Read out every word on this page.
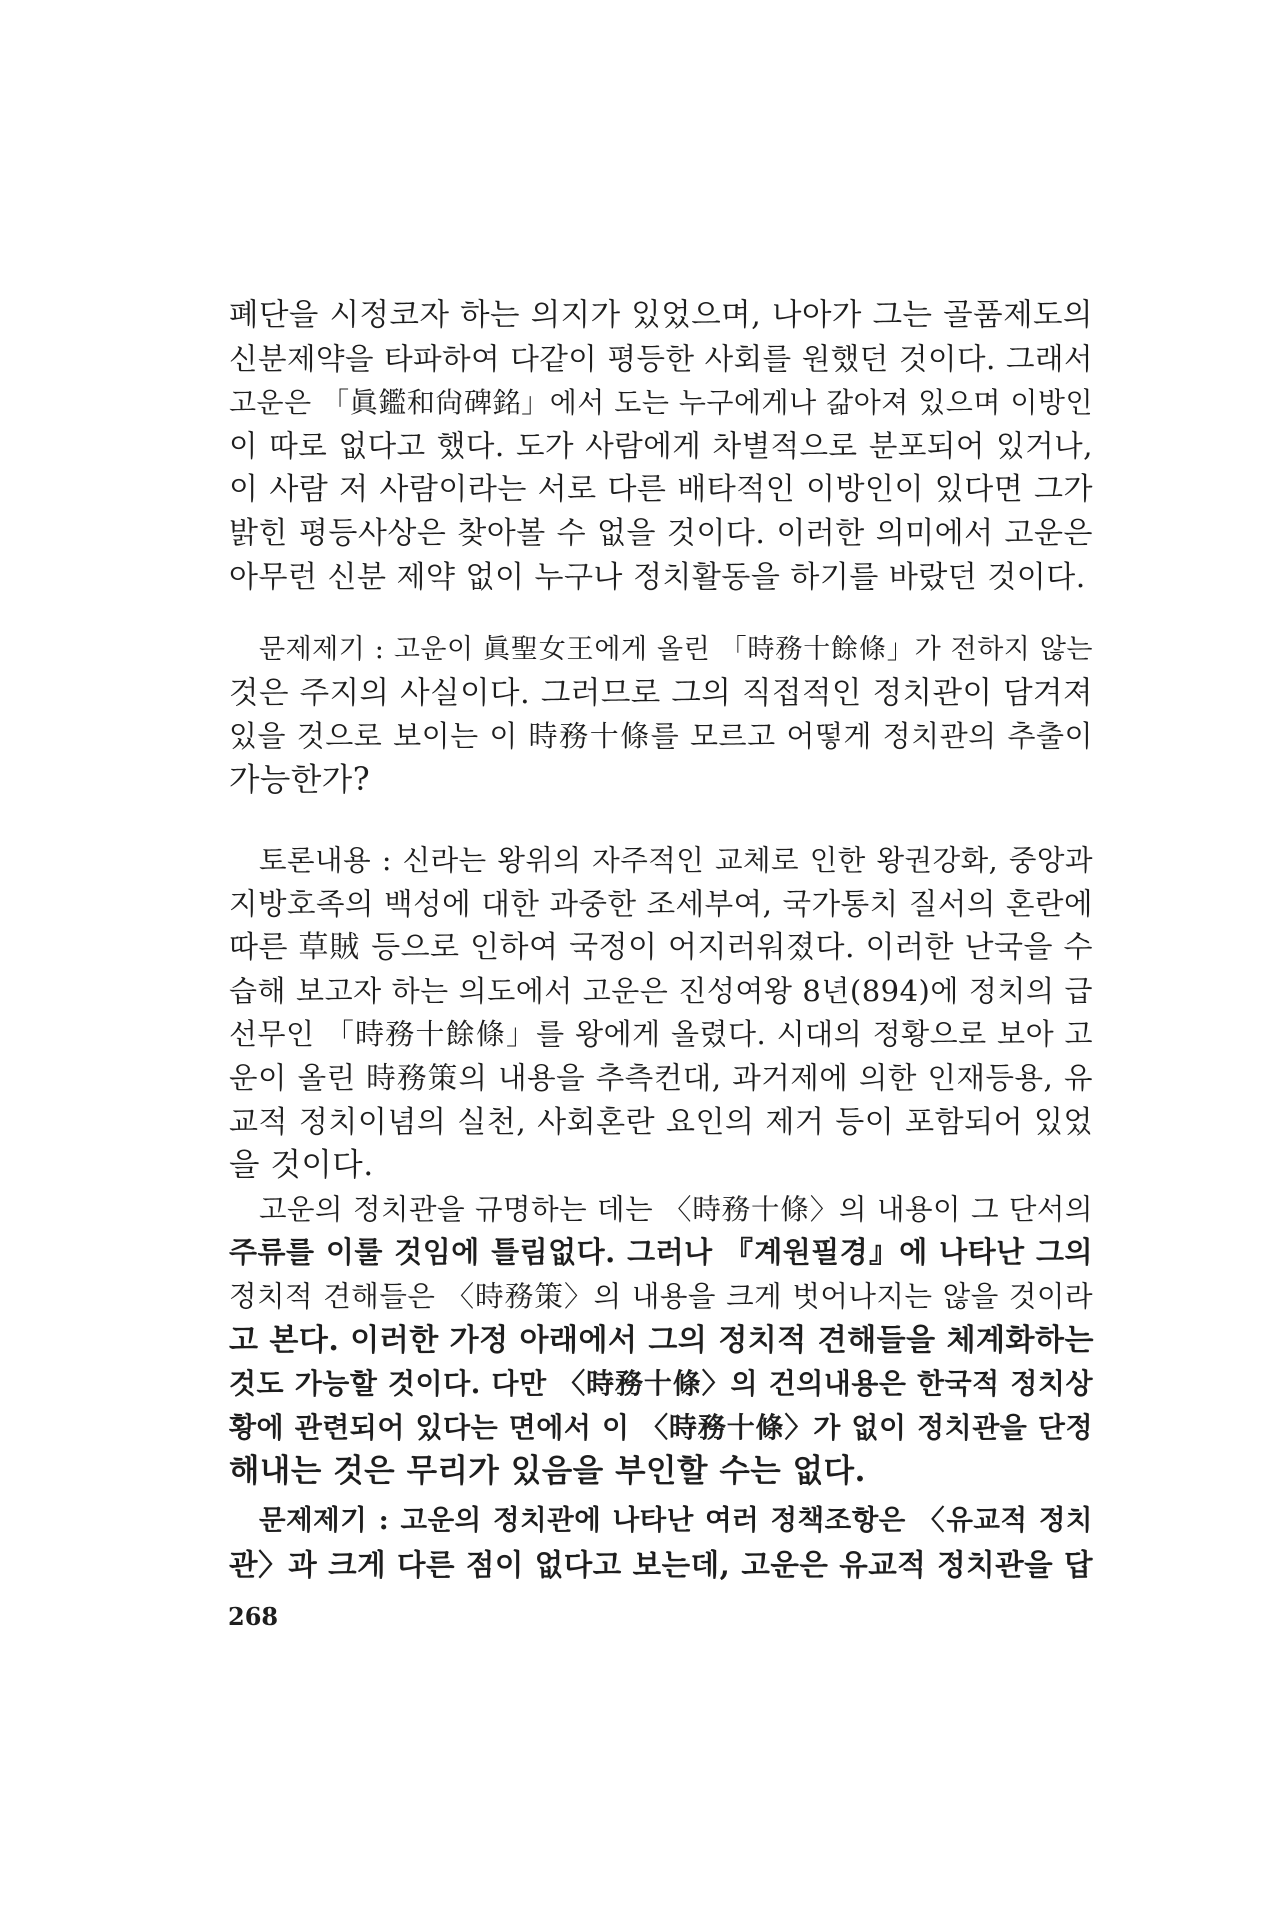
폐단을 시정코자 하는 의지가 있었으며, 나아가 그는 골품제도의
신분제약을 타파하여 다같이 평등한 사회를 원했던 것이다. 그래서
고운은 「眞鑑和尙碑銘」에서 도는 누구에게나 갊아져 있으며 이방인
이 따로 없다고 했다. 도가 사람에게 차별적으로 분포되어 있거나,
이 사람 저 사람이라는 서로 다른 배타적인 이방인이 있다면 그가
밝힌 평등사상은 찾아볼 수 없을 것이다. 이러한 의미에서 고운은
아무런 신분 제약 없이 누구나 정치활동을 하기를 바랐던 것이다.
문제제기 : 고운이 眞聖女王에게 올린 「時務十餘條」가 전하지 않는
것은 주지의 사실이다. 그러므로 그의 직접적인 정치관이 담겨져
있을 것으로 보이는 이 時務十條를 모르고 어떻게 정치관의 추출이
가능한가?
토론내용 : 신라는 왕위의 자주적인 교체로 인한 왕권강화, 중앙과
지방호족의 백성에 대한 과중한 조세부여, 국가통치 질서의 혼란에
따른 草賊 등으로 인하여 국정이 어지러워졌다. 이러한 난국을 수
습해 보고자 하는 의도에서 고운은 진성여왕 8년(894)에 정치의 급
선무인 「時務十餘條」를 왕에게 올렸다. 시대의 정황으로 보아 고
운이 올린 時務策의 내용을 추측컨대, 과거제에 의한 인재등용, 유
교적 정치이념의 실천, 사회혼란 요인의 제거 등이 포함되어 있었
을 것이다.
고운의 정치관을 규명하는 데는 〈時務十條〉의 내용이 그 단서의
주류를 이룰 것임에 틀림없다. 그러나 『계원필경』에 나타난 그의
정치적 견해들은 〈時務策〉의 내용을 크게 벗어나지는 않을 것이라
고 본다. 이러한 가정 아래에서 그의 정치적 견해들을 체계화하는
것도 가능할 것이다. 다만 〈時務十條〉의 건의내용은 한국적 정치상
황에 관련되어 있다는 면에서 이 〈時務十條〉가 없이 정치관을 단정
해내는 것은 무리가 있음을 부인할 수는 없다.
문제제기 : 고운의 정치관에 나타난 여러 정책조항은 〈유교적 정치
관〉과 크게 다른 점이 없다고 보는데, 고운은 유교적 정치관을 답
268
